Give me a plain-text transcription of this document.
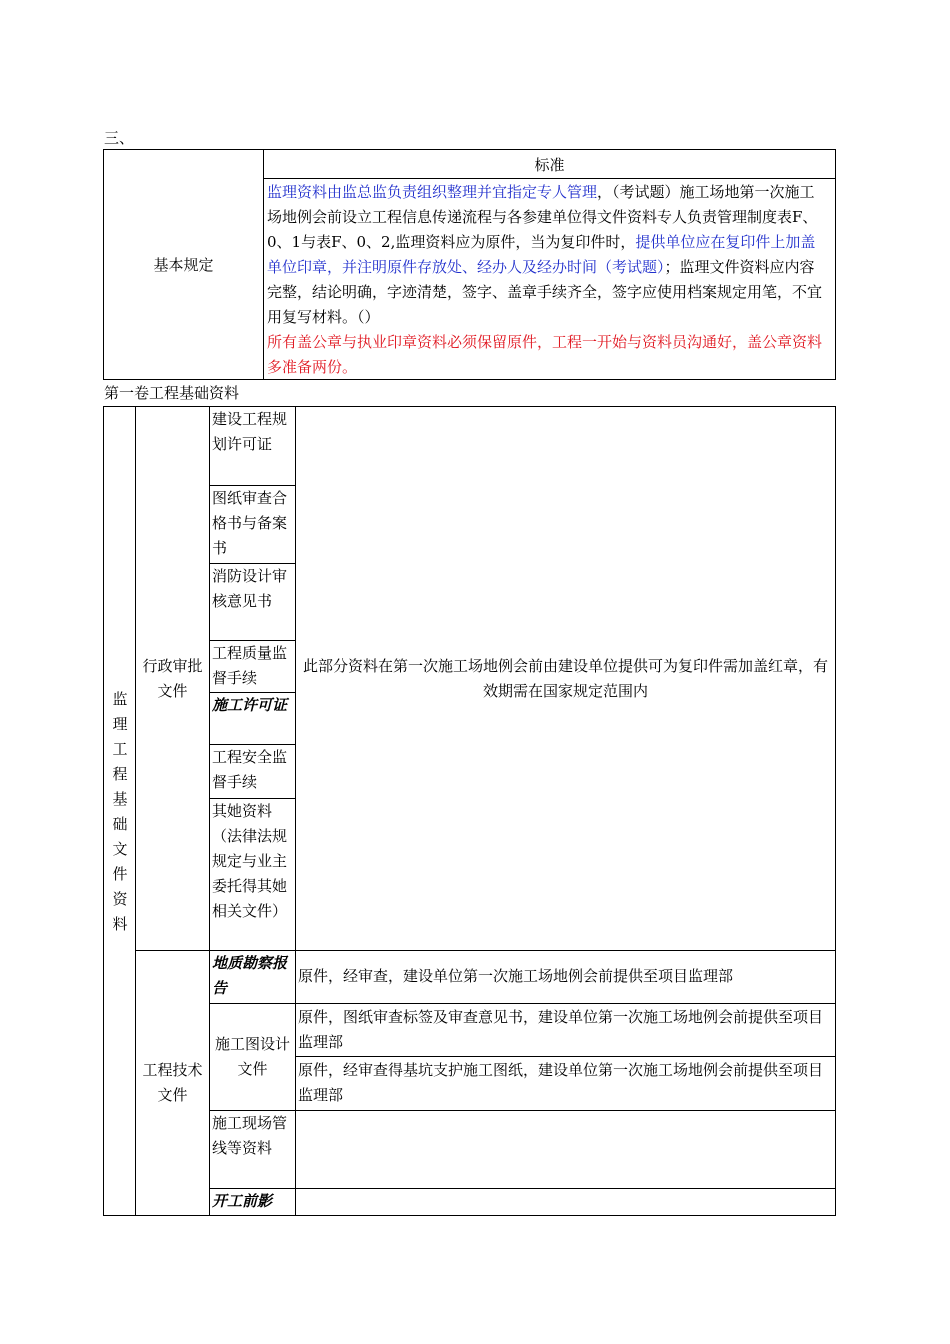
三、
基本规定
标准
监理资料由监总监负责组织整理并宜指定专人管理，（考试题）施工场地第一次施工场地例会前设立工程信息传递流程与各参建单位得文件资料专人负责管理制度表F、0、1与表F、0、2,监理资料应为原件，当为复印件时，提供单位应在复印件上加盖单位印章，并注明原件存放处、经办人及经办时间（考试题）；监理文件资料应内容完整，结论明确，字迹清楚，签字、盖章手续齐全，签字应使用档案规定用笔，不宜用复写材料。（）
所有盖公章与执业印章资料必须保留原件，工程一开始与资料员沟通好，盖公章资料多准备两份。
第一卷工程基础资料
监理工程基础文件资料
行政审批文件
建设工程规划许可证
图纸审查合格书与备案书
消防设计审核意见书
工程质量监督手续
施工许可证
工程安全监督手续
其她资料（法律法规规定与业主委托得其她相关文件）
此部分资料在第一次施工场地例会前由建设单位提供可为复印件需加盖红章，有效期需在国家规定范围内
工程技术文件
地质勘察报告
原件，经审查，建设单位第一次施工场地例会前提供至项目监理部
施工图设计文件
原件，图纸审查标签及审查意见书，建设单位第一次施工场地例会前提供至项目监理部
原件，经审查得基坑支护施工图纸，建设单位第一次施工场地例会前提供至项目监理部
施工现场管线等资料
开工前影
